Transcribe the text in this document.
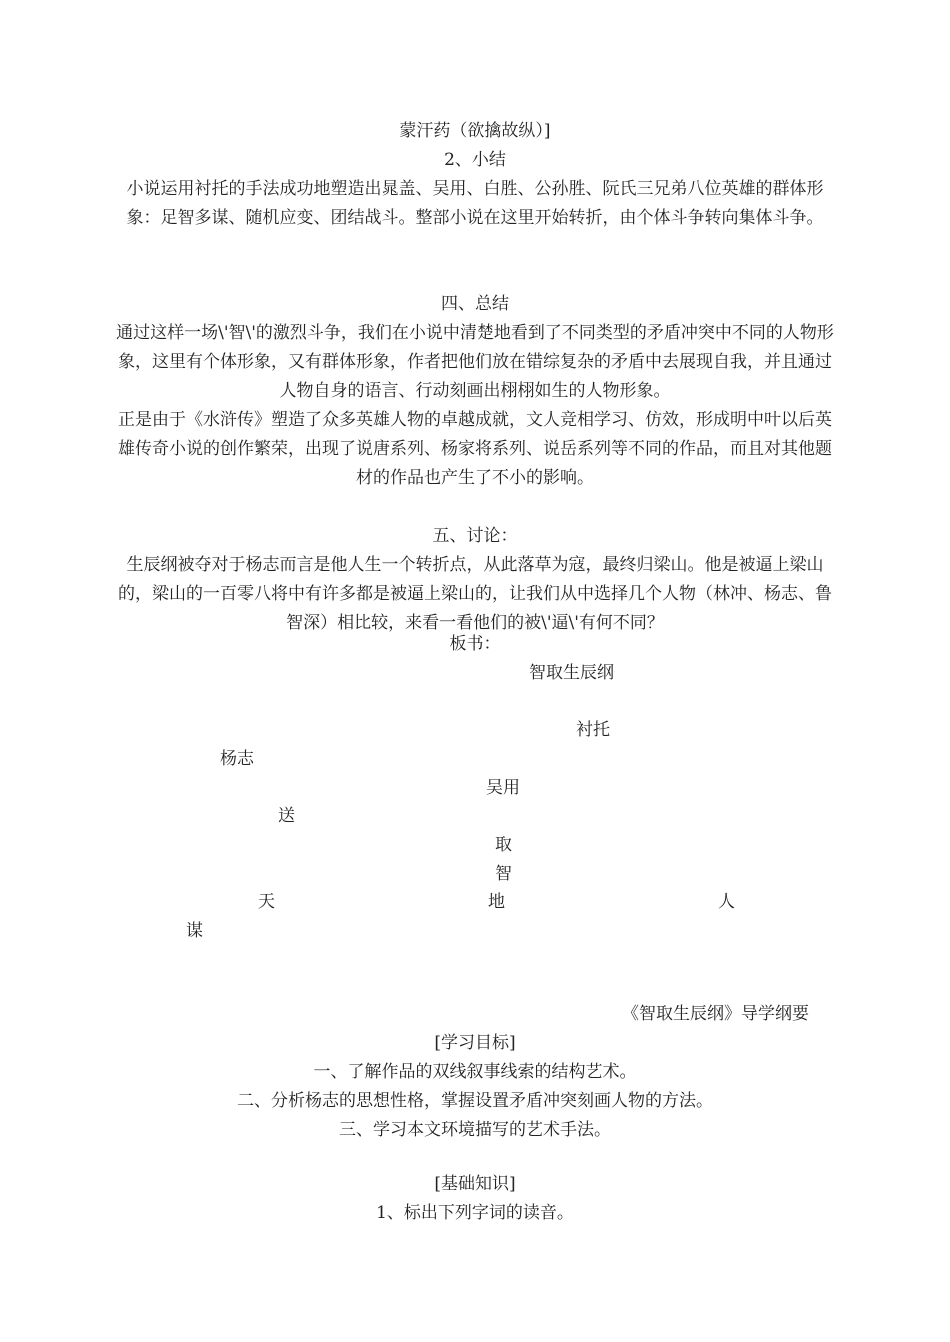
蒙汗药（欲擒故纵）]
2、小结
小说运用衬托的手法成功地塑造出晁盖、吴用、白胜、公孙胜、阮氏三兄弟八位英雄的群体形象：足智多谋、随机应变、团结战斗。整部小说在这里开始转折，由个体斗争转向集体斗争。
四、总结
通过这样一场\'智\'的激烈斗争，我们在小说中清楚地看到了不同类型的矛盾冲突中不同的人物形象，这里有个体形象，又有群体形象，作者把他们放在错综复杂的矛盾中去展现自我，并且通过人物自身的语言、行动刻画出栩栩如生的人物形象。
正是由于《水浒传》塑造了众多英雄人物的卓越成就，文人竞相学习、仿效，形成明中叶以后英雄传奇小说的创作繁荣，出现了说唐系列、杨家将系列、说岳系列等不同的作品，而且对其他题材的作品也产生了不小的影响。
五、讨论：
生辰纲被夺对于杨志而言是他人生一个转折点，从此落草为寇，最终归梁山。他是被逼上梁山的，梁山的一百零八将中有许多都是被逼上梁山的，让我们从中选择几个人物（林冲、杨志、鲁智深）相比较，来看一看他们的被\'逼\'有何不同？
板书：
智取生辰纲
衬托
杨志
吴用
送
取
智
天	地	人
谋
《智取生辰纲》导学纲要
[学习目标]
一、了解作品的双线叙事线索的结构艺术。
二、分析杨志的思想性格，掌握设置矛盾冲突刻画人物的方法。
三、学习本文环境描写的艺术手法。
[基础知识]
1、标出下列字词的读音。
